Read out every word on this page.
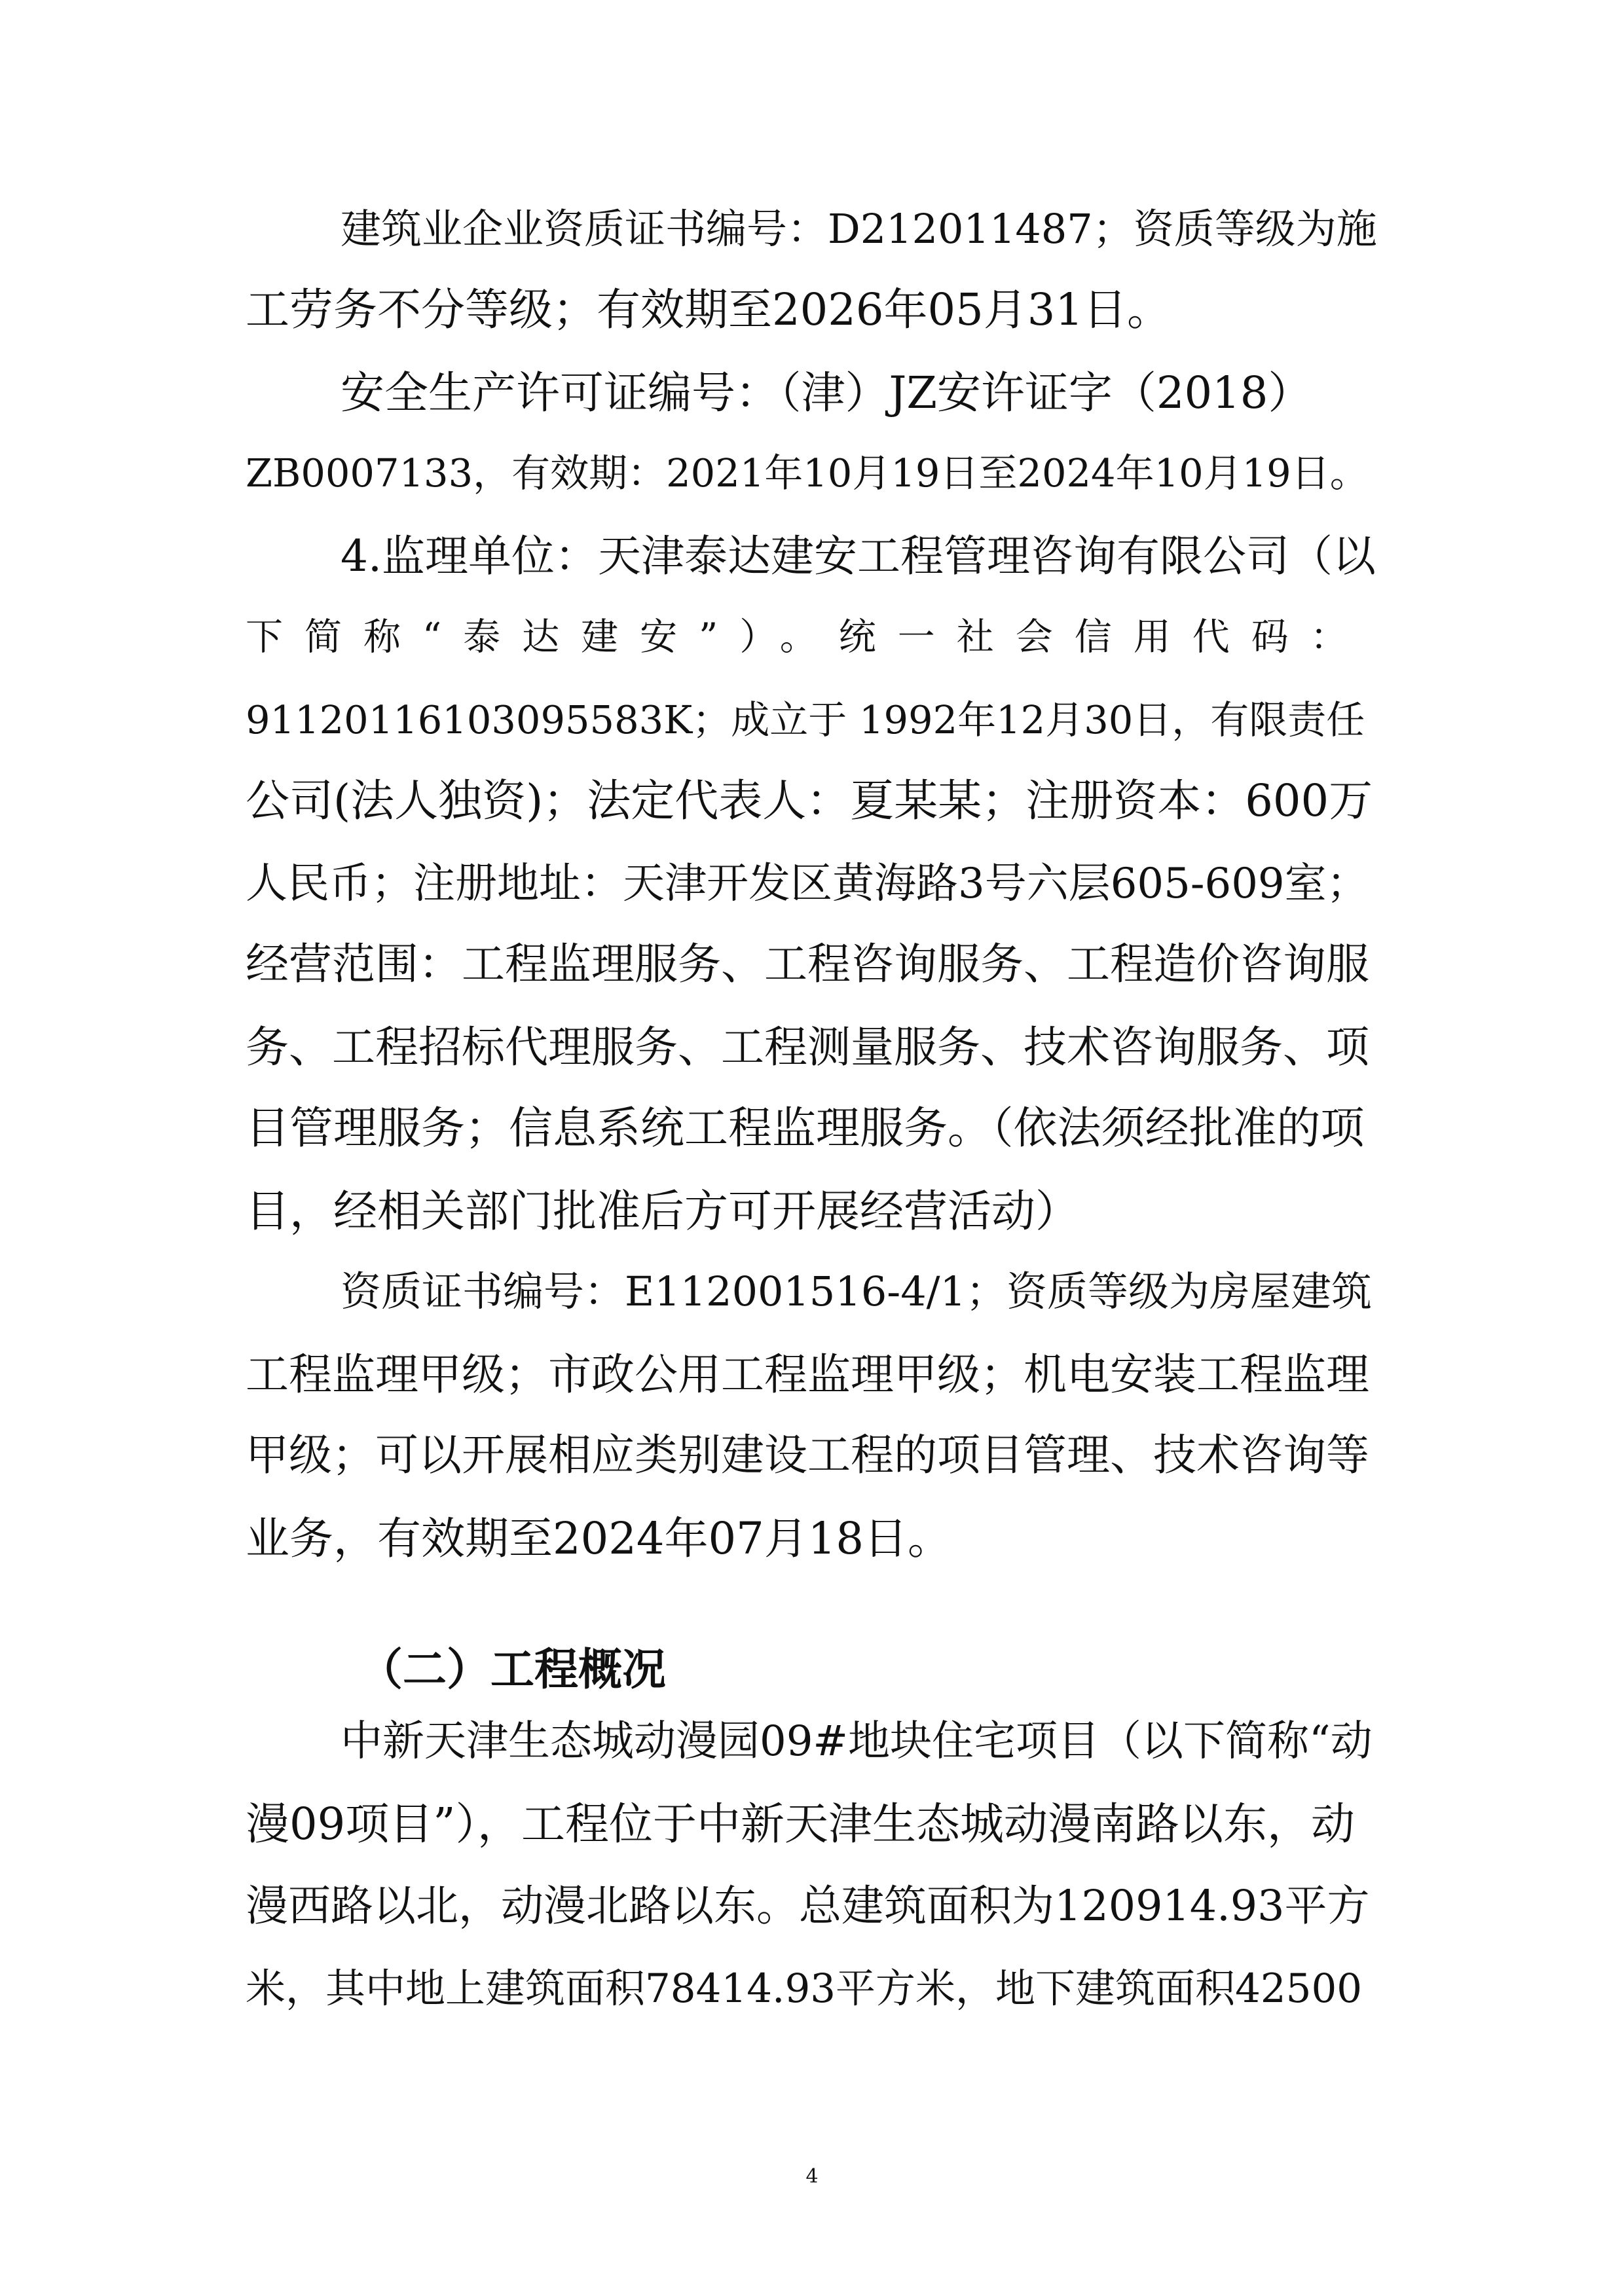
建筑业企业资质证书编号：D212011487；资质等级为施
工劳务不分等级；有效期至2026年05月31日。
安全生产许可证编号：（津）JZ安许证字（2018）
ZB0007133，有效期：2021年10月19日至2024年10月19日。
4.监理单位：天津泰达建安工程管理咨询有限公司（以
下简称“泰达建安”）。统一社会信用代码：
91120116103095583K；成立于 1992年12月30日，有限责任
公司(法人独资)；法定代表人：夏某某；注册资本：600万
人民币；注册地址：天津开发区黄海路3号六层605-609室；
经营范围：工程监理服务、工程咨询服务、工程造价咨询服
务、工程招标代理服务、工程测量服务、技术咨询服务、项
目管理服务；信息系统工程监理服务。（依法须经批准的项
目，经相关部门批准后方可开展经营活动）
资质证书编号：E112001516-4/1；资质等级为房屋建筑
工程监理甲级；市政公用工程监理甲级；机电安装工程监理
甲级；可以开展相应类别建设工程的项目管理、技术咨询等
业务，有效期至2024年07月18日。
（二）工程概况
中新天津生态城动漫园09#地块住宅项目（以下简称“动
漫09项目”），工程位于中新天津生态城动漫南路以东，动
漫西路以北，动漫北路以东。总建筑面积为120914.93平方
米，其中地上建筑面积78414.93平方米，地下建筑面积42500
4
